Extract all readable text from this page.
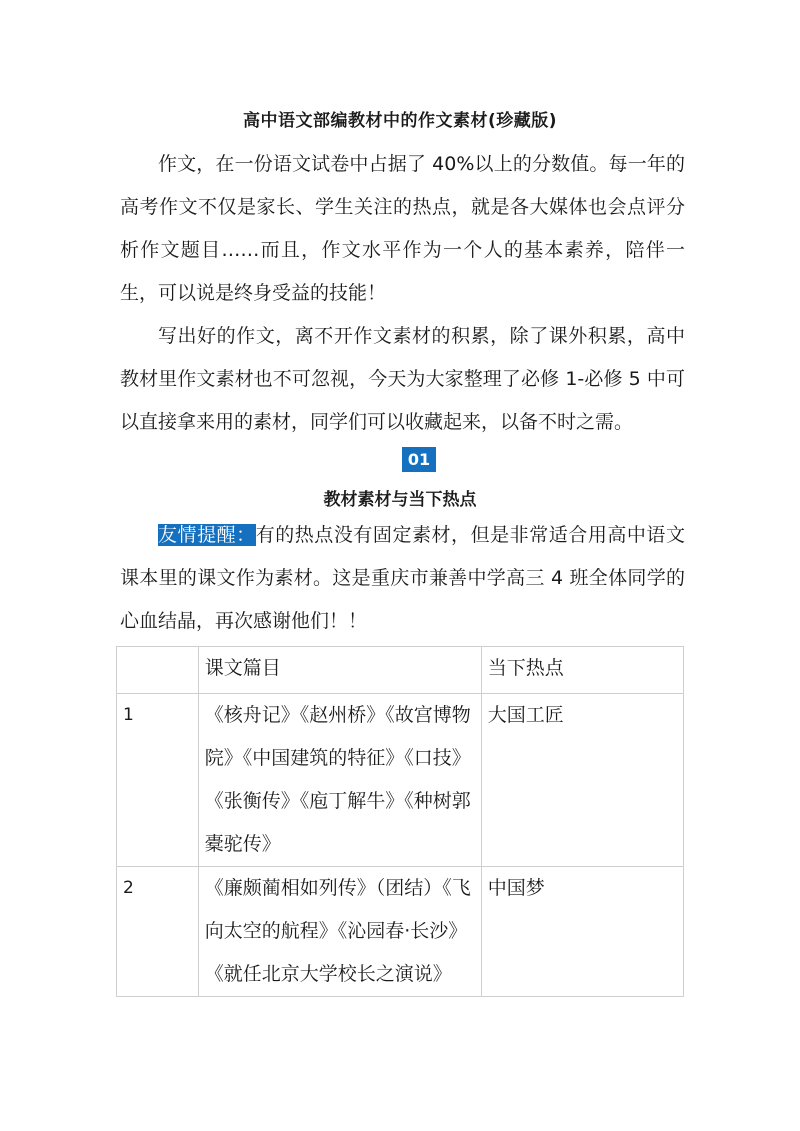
高中语文部编教材中的作文素材(珍藏版)

作文，在一份语文试卷中占据了 40%以上的分数值。每一年的高考作文不仅是家长、学生关注的热点，就是各大媒体也会点评分析作文题目……而且，作文水平作为一个人的基本素养，陪伴一生，可以说是终身受益的技能！

写出好的作文，离不开作文素材的积累，除了课外积累，高中教材里作文素材也不可忽视，今天为大家整理了必修 1-必修 5 中可以直接拿来用的素材，同学们可以收藏起来，以备不时之需。

01
教材素材与当下热点

友情提醒：有的热点没有固定素材，但是非常适合用高中语文课本里的课文作为素材。这是重庆市兼善中学高三 4 班全体同学的心血结晶，再次感谢他们！！

	课文篇目	当下热点
1	《核舟记》《赵州桥》《故宫博物院》《中国建筑的特征》《口技》《张衡传》《庖丁解牛》《种树郭橐驼传》	大国工匠
2	《廉颇蔺相如列传》（团结）《飞向太空的航程》《沁园春·长沙》《就任北京大学校长之演说》	中国梦
